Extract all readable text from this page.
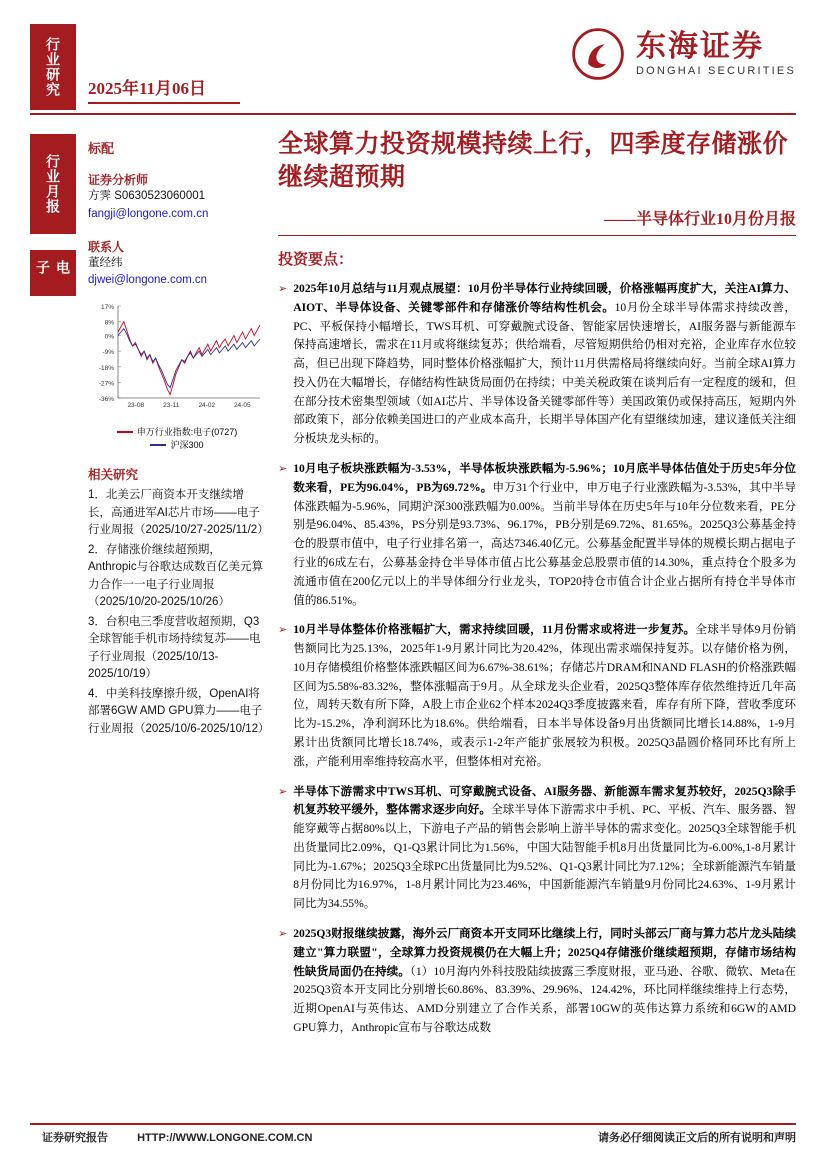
行业研究
行业月报
电子
2025年11月06日
东海证券
DONGHAI SECURITIES
标配
证券分析师
方霁 S0630523060001
fangji@longone.com.cn
联系人
董经纬
djwei@longone.com.cn
17%
8%
0%
-9%
-18%
-27%
-36%
23-08	23-11	24-02	24-05
申万行业指数:电子(0727)
沪深300
相关研究

1．北美云厂商资本开支继续增长，高通进军AI芯片市场——电子行业周报（2025/10/27-2025/11/2）

2．存储涨价继续超预期，Anthropic与谷歌达成数百亿美元算力合作一一电子行业周报（2025/10/20-2025/10/26）

3．台积电三季度营收超预期，Q3全球智能手机市场持续复苏——电子行业周报（2025/10/13-2025/10/19）

4．中美科技摩擦升级，OpenAI将部署6GW AMD GPU算力——电子行业周报（2025/10/6-2025/10/12）

全球算力投资规模持续上行，四季度存储涨价继续超预期
——半导体行业10月份月报
投资要点：
➢ 2025年10月总结与11月观点展望：10月份半导体行业持续回暖，价格涨幅再度扩大，关注AI算力、AIOT、半导体设备、关键零部件和存储涨价等结构性机会。10月份全球半导体需求持续改善，PC、平板保持小幅增长，TWS耳机、可穿戴腕式设备、智能家居快速增长，AI服务器与新能源车保持高速增长，需求在11月或将继续复苏；供给端看，尽管短期供给仍相对充裕，企业库存水位较高，但已出现下降趋势，同时整体价格涨幅扩大，预计11月供需格局将继续向好。当前全球AI算力投入仍在大幅增长，存储结构性缺货局面仍在持续；中美关税政策在谈判后有一定程度的缓和，但在部分技术密集型领域（如AI芯片、半导体设备关键零部件等）美国政策仍或保持高压，短期内外部政策下，部分依赖美国进口的产业成本高升，长期半导体国产化有望继续加速，建议逢低关注细分板块龙头标的。
➢ 10月电子板块涨跌幅为-3.53%，半导体板块涨跌幅为-5.96%；10月底半导体估值处于历史5年分位数来看，PE为96.04%，PB为69.72%。申万31个行业中，申万电子行业涨跌幅为-3.53%，其中半导体涨跌幅为-5.96%，同期沪深300涨跌幅为0.00%。当前半导体在历史5年与10年分位数来看，PE分别是96.04%、85.43%，PS分别是93.73%、96.17%，PB分别是69.72%、81.65%。2025Q3公募基金持仓的股票市值中，电子行业排名第一，高达7346.40亿元。公募基金配置半导体的规模长期占据电子行业的6成左右，公募基金持仓半导体市值占比公募基金总股票市值的14.30%，重点持仓个股多为流通市值在200亿元以上的半导体细分行业龙头，TOP20持仓市值合计企业占据所有持仓半导体市值的86.51%。
➢ 10月半导体整体价格涨幅扩大，需求持续回暖，11月份需求或将进一步复苏。全球半导体9月份销售额同比为25.13%，2025年1-9月累计同比为20.42%，体现出需求端保持复苏。以存储价格为例，10月存储模组价格整体涨跌幅区间为6.67%-38.61%；存储芯片DRAM和NAND FLASH的价格涨跌幅区间为5.58%-83.32%，整体涨幅高于9月。从全球龙头企业看，2025Q3整体库存依然维持近几年高位，周转天数有所下降，A股上市企业62个样本2024Q3季度披露来看，库存有所下降，营收季度环比为-15.2%，净利润环比为18.6%。供给端看，日本半导体设备9月出货额同比增长14.88%，1-9月累计出货额同比增长18.74%，或表示1-2年产能扩张展较为积极。2025Q3晶圆价格同环比有所上涨，产能利用率维持较高水平，但整体相对充裕。
➢ 半导体下游需求中TWS耳机、可穿戴腕式设备、AI服务器、新能源车需求复苏较好，2025Q3除手机复苏较平缓外，整体需求逐步向好。全球半导体下游需求中手机、PC、平板、汽车、服务器、智能穿戴等占据80%以上，下游电子产品的销售会影响上游半导体的需求变化。2025Q3全球智能手机出货量同比2.09%，Q1-Q3累计同比为1.56%，中国大陆智能手机8月出货量同比为-6.00%,1-8月累计同比为-1.67%；2025Q3全球PC出货量同比为9.52%、Q1-Q3累计同比为7.12%；全球新能源汽车销量8月份同比为16.97%，1-8月累计同比为23.46%，中国新能源汽车销量9月份同比24.63%、1-9月累计同比为34.55%。
➢ 2025Q3财报继续披露，海外云厂商资本开支同环比继续上行，同时头部云厂商与算力芯片龙头陆续建立"算力联盟"，全球算力投资规模仍在大幅上升；2025Q4存储涨价继续超预期，存储市场结构性缺货局面仍在持续。（1）10月海内外科技股陆续披露三季度财报，亚马逊、谷歌、微软、Meta在2025Q3资本开支同比分别增长60.86%、83.39%、29.96%、124.42%，环比同样继续维持上行态势，近期OpenAI与英伟达、AMD分别建立了合作关系，部署10GW的英伟达算力系统和6GW的AMD GPU算力，Anthropic宣布与谷歌达成数
证券研究报告	HTTP://WWW.LONGONE.COM.CN	请务必仔细阅读正文后的所有说明和声明
